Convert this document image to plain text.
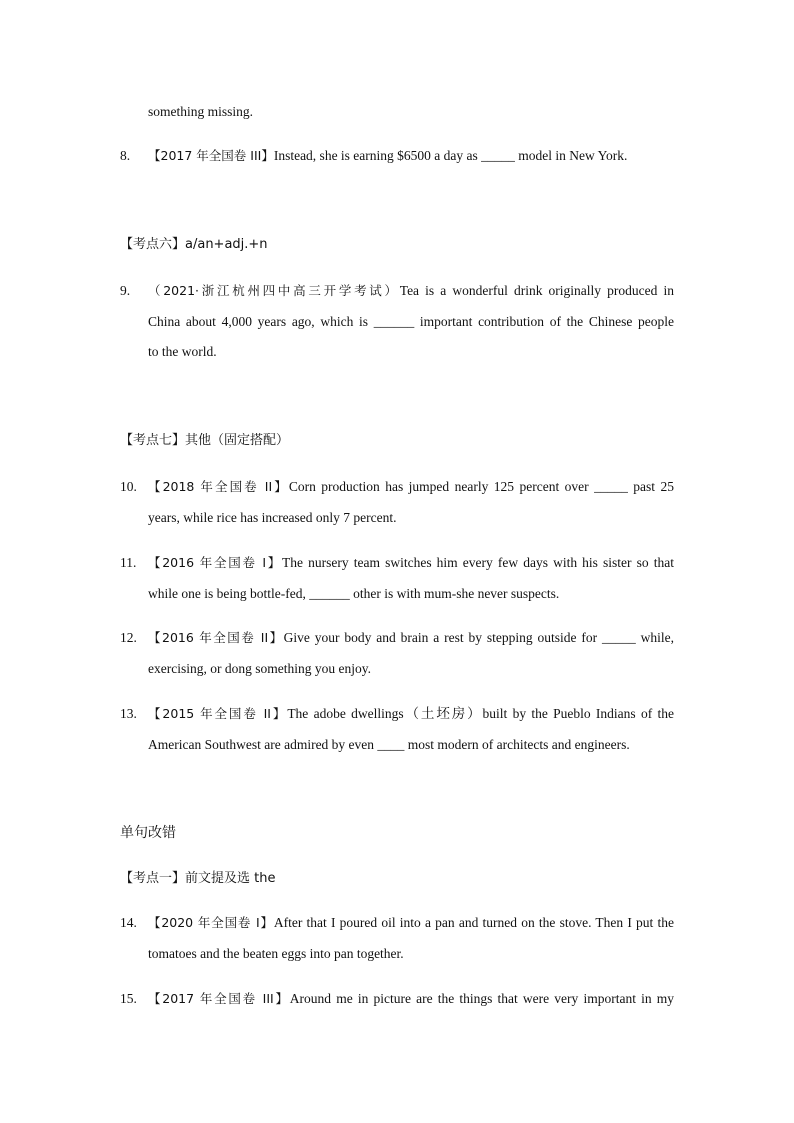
something missing.
8.	【2017 年全国卷 III】Instead, she is earning $6500 a day as _____ model in New York.
【考点六】a/an+adj.+n
9.	（2021·浙江杭州四中高三开学考试）Tea is a wonderful drink originally produced in
China about 4,000 years ago, which is ______ important contribution of the Chinese people
to the world.
【考点七】其他（固定搭配）
10. 【2018 年全国卷 II】Corn production has jumped nearly 125 percent over _____ past 25
years, while rice has increased only 7 percent.
11. 【2016 年全国卷 I】The nursery team switches him every few days with his sister so that
while one is being bottle-fed, ______ other is with mum-she never suspects.
12. 【2016 年全国卷 II】Give your body and brain a rest by stepping outside for _____ while,
exercising, or dong something you enjoy.
13. 【2015 年全国卷 II】The adobe dwellings（土坯房）built by the Pueblo Indians of the
American Southwest are admired by even ____ most modern of architects and engineers.
单句改错
【考点一】前文提及选 the
14. 【2020 年全国卷 I】After that I poured oil into a pan and turned on the stove. Then I put the
tomatoes and the beaten eggs into pan together.
15. 【2017 年全国卷 III】Around me in picture are the things that were very important in my
